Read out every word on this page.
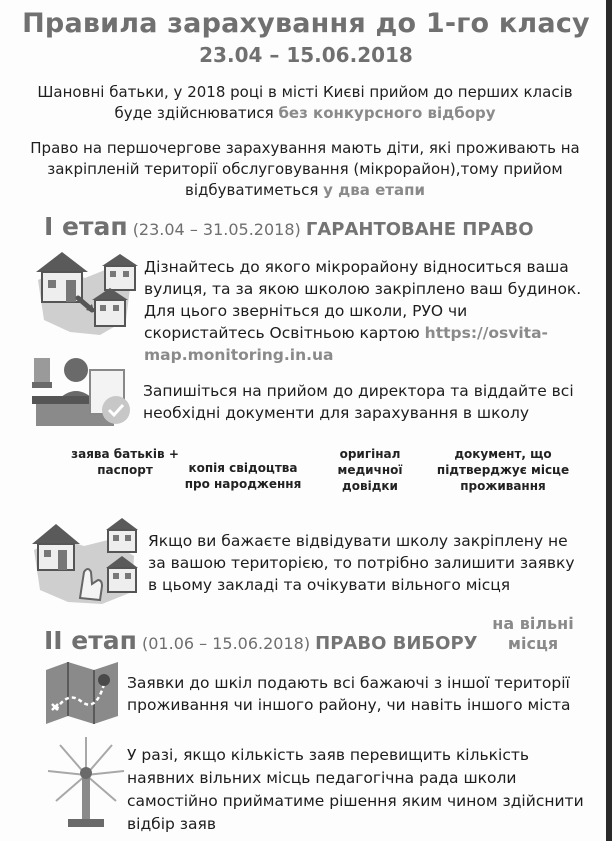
Правила зарахування до 1-го класу
23.04 – 15.06.2018
Шановні батьки, у 2018 році в місті Києві прийом до перших класів буде здійснюватися без конкурсного відбору
Право на першочергове зарахування мають діти, які проживають на закріпленій території обслуговування (мікрорайон),тому прийом відбуватиметься у два етапи
І етап (23.04 – 31.05.2018) ГАРАНТОВАНЕ ПРАВО
Дізнайтесь до якого мікрорайону відноситься ваша вулиця, та за якою школою закріплено ваш будинок. Для цього зверніться до школи, РУО чи скористайтесь Освітньою картою https://osvita-map.monitoring.in.ua
Запишіться на прийом до директора та віддайте всі необхідні документи для зарахування в школу
заява батьків + паспорт	копія свідоцтва про народження
оригінал медичної довідки
документ, що підтверджує місце проживання
Якщо ви бажаєте відвідувати школу закріплену не за вашою територією, то потрібно залишити заявку в цьому закладі та очікувати вільного місця
ІІ етап (01.06 – 15.06.2018) ПРАВО ВИБОРУ
на вільні місця
Заявки до шкіл подають всі бажаючі з іншої території проживання чи іншого району, чи навіть іншого міста
У разі, якщо кількість заяв перевищить кількість наявних вільних місць педагогічна рада школи самостійно прийматиме рішення яким чином здійснити відбір заяв
